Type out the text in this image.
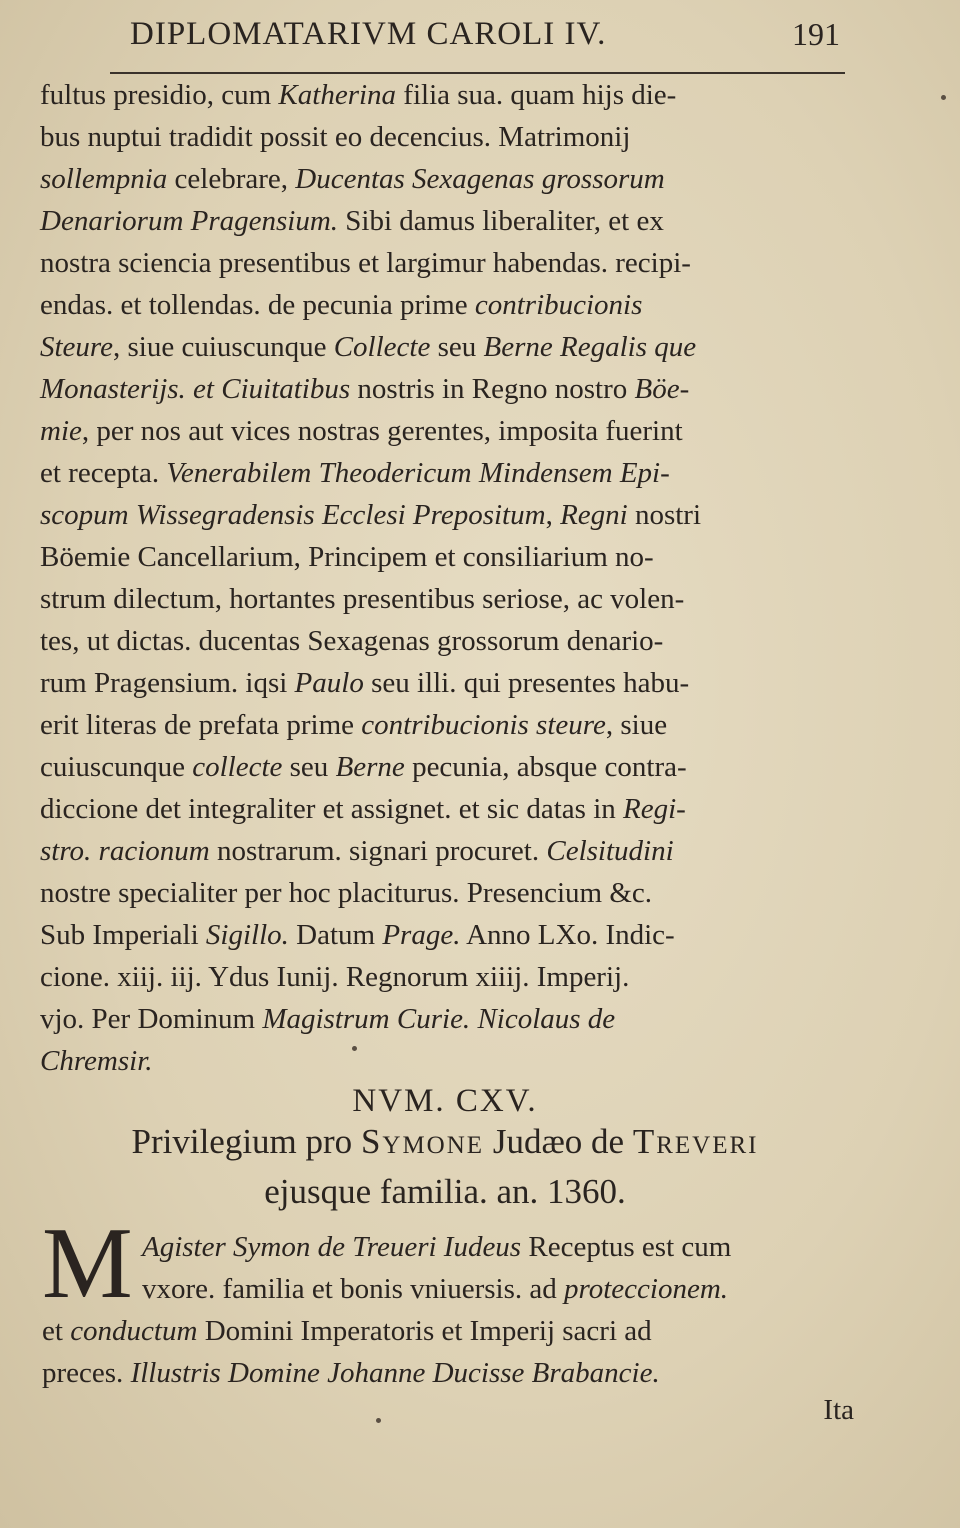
DIPLOMATARIVM CAROLI IV.	191
fultus presidio, cum Katherina filia sua. quam hijs die-
bus nuptui tradidit possit eo decencius. Matrimonij
sollempnia celebrare, Ducentas Sexagenas grossorum
Denariorum Pragensium. Sibi damus liberaliter, et ex
nostra sciencia presentibus et largimur habendas. recipi-
endas. et tollendas. de pecunia prime contribucionis
Steure, siue cuiuscunque Collecte seu Berne Regalis que
Monasterijs. et Ciuitatibus nostris in Regno nostro Böe-
mie, per nos aut vices nostras gerentes, imposita fuerint
et recepta. Venerabilem Theodericum Mindensem Epi-
scopum Wissegradensis Ecclesi Prepositum, Regni nostri
Böemie Cancellarium, Principem et consiliarium no-
strum dilectum, hortantes presentibus seriose, ac volen-
tes, ut dictas. ducentas Sexagenas grossorum denario-
rum Pragensium. iqsi Paulo seu illi. qui presentes habu-
erit literas de prefata prime contribucionis steure, siue
cuiuscunque collecte seu Berne pecunia, absque contra-
diccione det integraliter et assignet. et sic datas in Regi-
stro. racionum nostrarum. signari procuret. Celsitudini
nostre specialiter per hoc placiturus. Presencium &c.
Sub Imperiali Sigillo. Datum Prage. Anno LXo. Indic-
cione. xiij. iij. Ydus Iunij. Regnorum xiiij. Imperij.
vjo. Per Dominum Magistrum Curie. Nicolaus de
Chremsir.
NVM. CXV.
Privilegium pro Symone Judæo de Treveri
ejusque familia. an. 1360.
M Agister Symon de Treueri Iudeus Receptus est cum
vxore. familia et bonis vniuersis. ad proteccionem.
et conductum Domini Imperatoris et Imperij sacri ad
preces. Illustris Domine Johanne Ducisse Brabancie.
Ita
